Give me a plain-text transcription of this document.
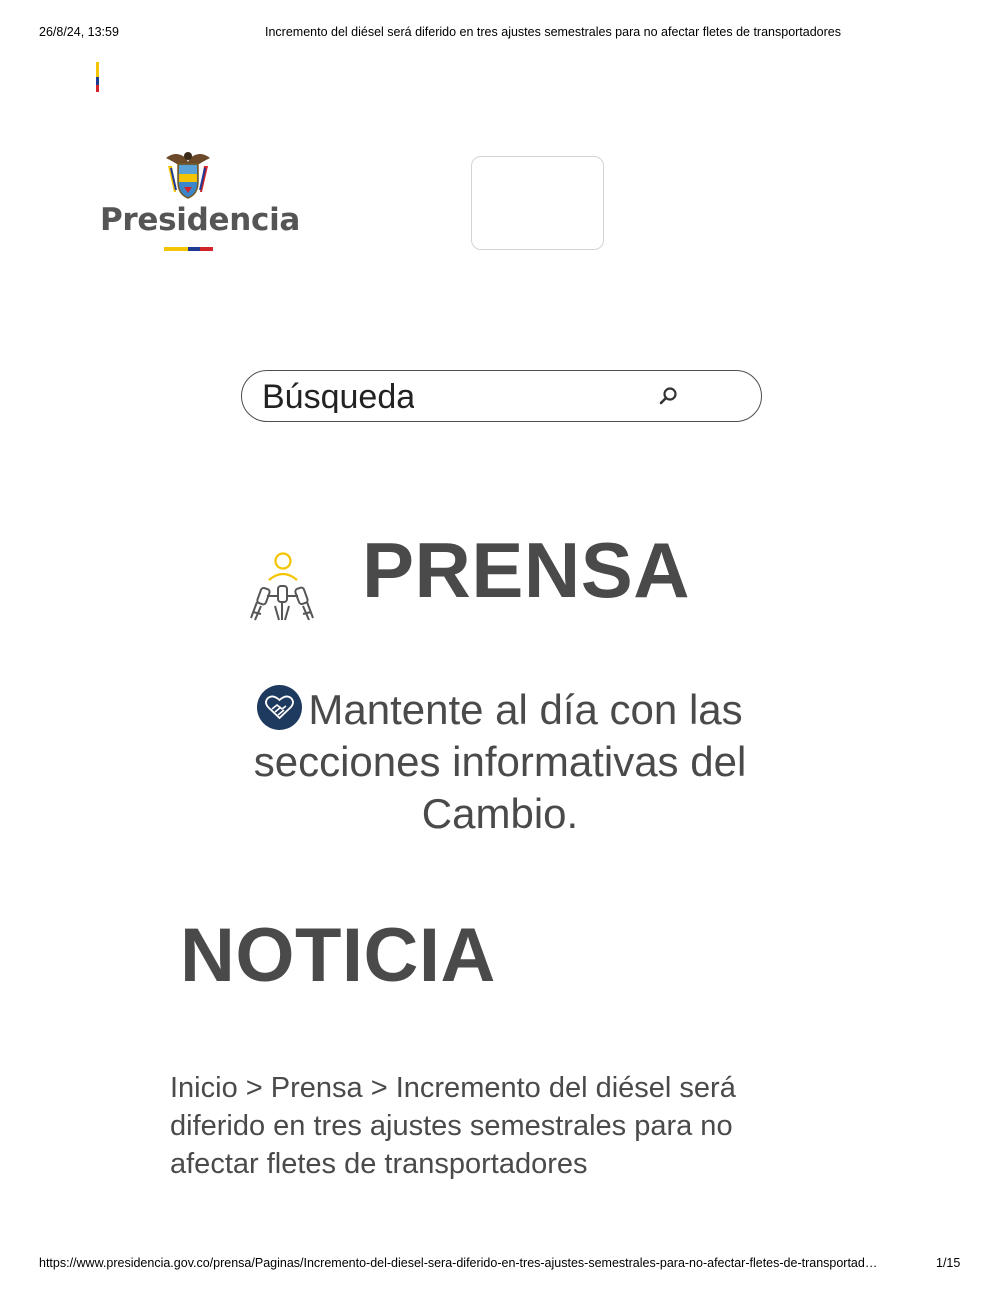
26/8/24, 13:59	Incremento del diésel será diferido en tres ajustes semestrales para no afectar fletes de transportadores
Presidencia
Búsqueda
PRENSA
Mantente al día con las secciones informativas del Cambio.
NOTICIA
Inicio > Prensa > Incremento del diésel será diferido en tres ajustes semestrales para no afectar fletes de transportadores
https://www.presidencia.gov.co/prensa/Paginas/Incremento-del-diesel-sera-diferido-en-tres-ajustes-semestrales-para-no-afectar-fletes-de-transportad…	1/15
